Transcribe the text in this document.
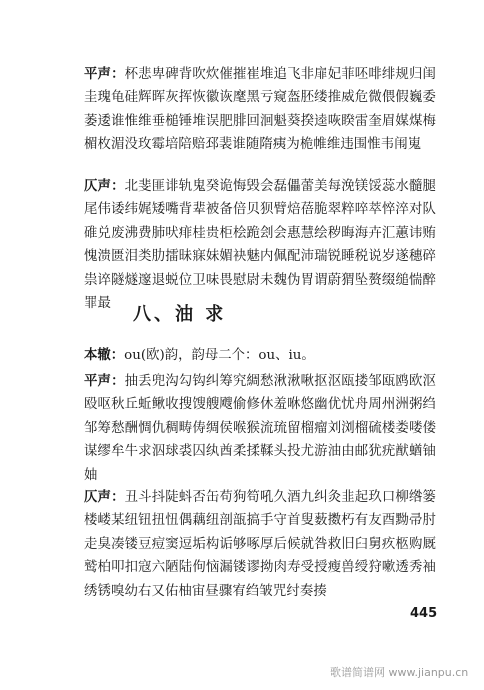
平声：杯悲卑碑背吹炊催摧崔堆追飞非扉妃菲呸啡绯规归闺圭瑰龟硅辉晖灰挥恢徽诙麾黑亏窥盔胚缕推威危微偎假巍委萎逶谁惟维垂槌锤堆误肥腓回洄魁葵揆逵咴睽雷奎眉媒煤梅楣枚湄没玫霉培陪赔邳裴谁随隋痍为桅帷维违围惟韦闱嵬
仄声：北斐匪诽轨鬼癸诡悔毁会磊儡蕾美每浼镁馁蕊水髓腿尾伟诿纬娓矮嘴背辈被备倍贝狈臂焙蓓脆翠粹啐萃悴淬对队碓兑废沸费肺吠痱桂贵柜桧跪刽会惠慧绘秽晦海卉汇蕙讳贿愧溃匮泪类肋擂昧寐妹媚袂魅内佩配沛瑞锐睡税说岁遂穗碎祟谇隧燧邃退蜕位卫味畏慰尉未魏伪胃谓蔚猬坠赘缀缒惴醉罪最
八、油 求
本辙：ou(欧)韵，韵母二个：ou、iu。
平声：抽丢兜沟勾钩纠筹究綢愁湫湫啾抠沤瓯搂邹瓯鸥欧沤殴呕秋丘蚯鳅收搜馊艘飕偷修休羞咻悠幽优忧舟周州洲粥绉邹筹愁酬惆仇稠畴俦绸侯喉猴流琉留榴瘤刘浏榴硫楼娄喽偻谋缪牟牛求泅球裘囚纨酋柔揉鞣头投尤游油由邮犹疣猷蝤铀妯
仄声：丑斗抖陡蚪否缶苟狗笱吼久酒九纠灸韭起玖口柳绺篓楼嵝某纽钮扭忸偶藕纽剖瓿搞手守首叟薮擞朽有友酉黝帚肘走臭凑镂豆痘窦逗垢构诟够啄厚后候就咎救旧臼舅疚柩购厩鹫柏叩扣寇六陋陆佝恼漏镂谬拗肉寿受授瘦兽绶狩嗽透秀袖绣锈嗅幼右又佑柚宙昼骤宥绉皱咒纣奏揍
445
歌谱简谱网 www.jianpu.cn
